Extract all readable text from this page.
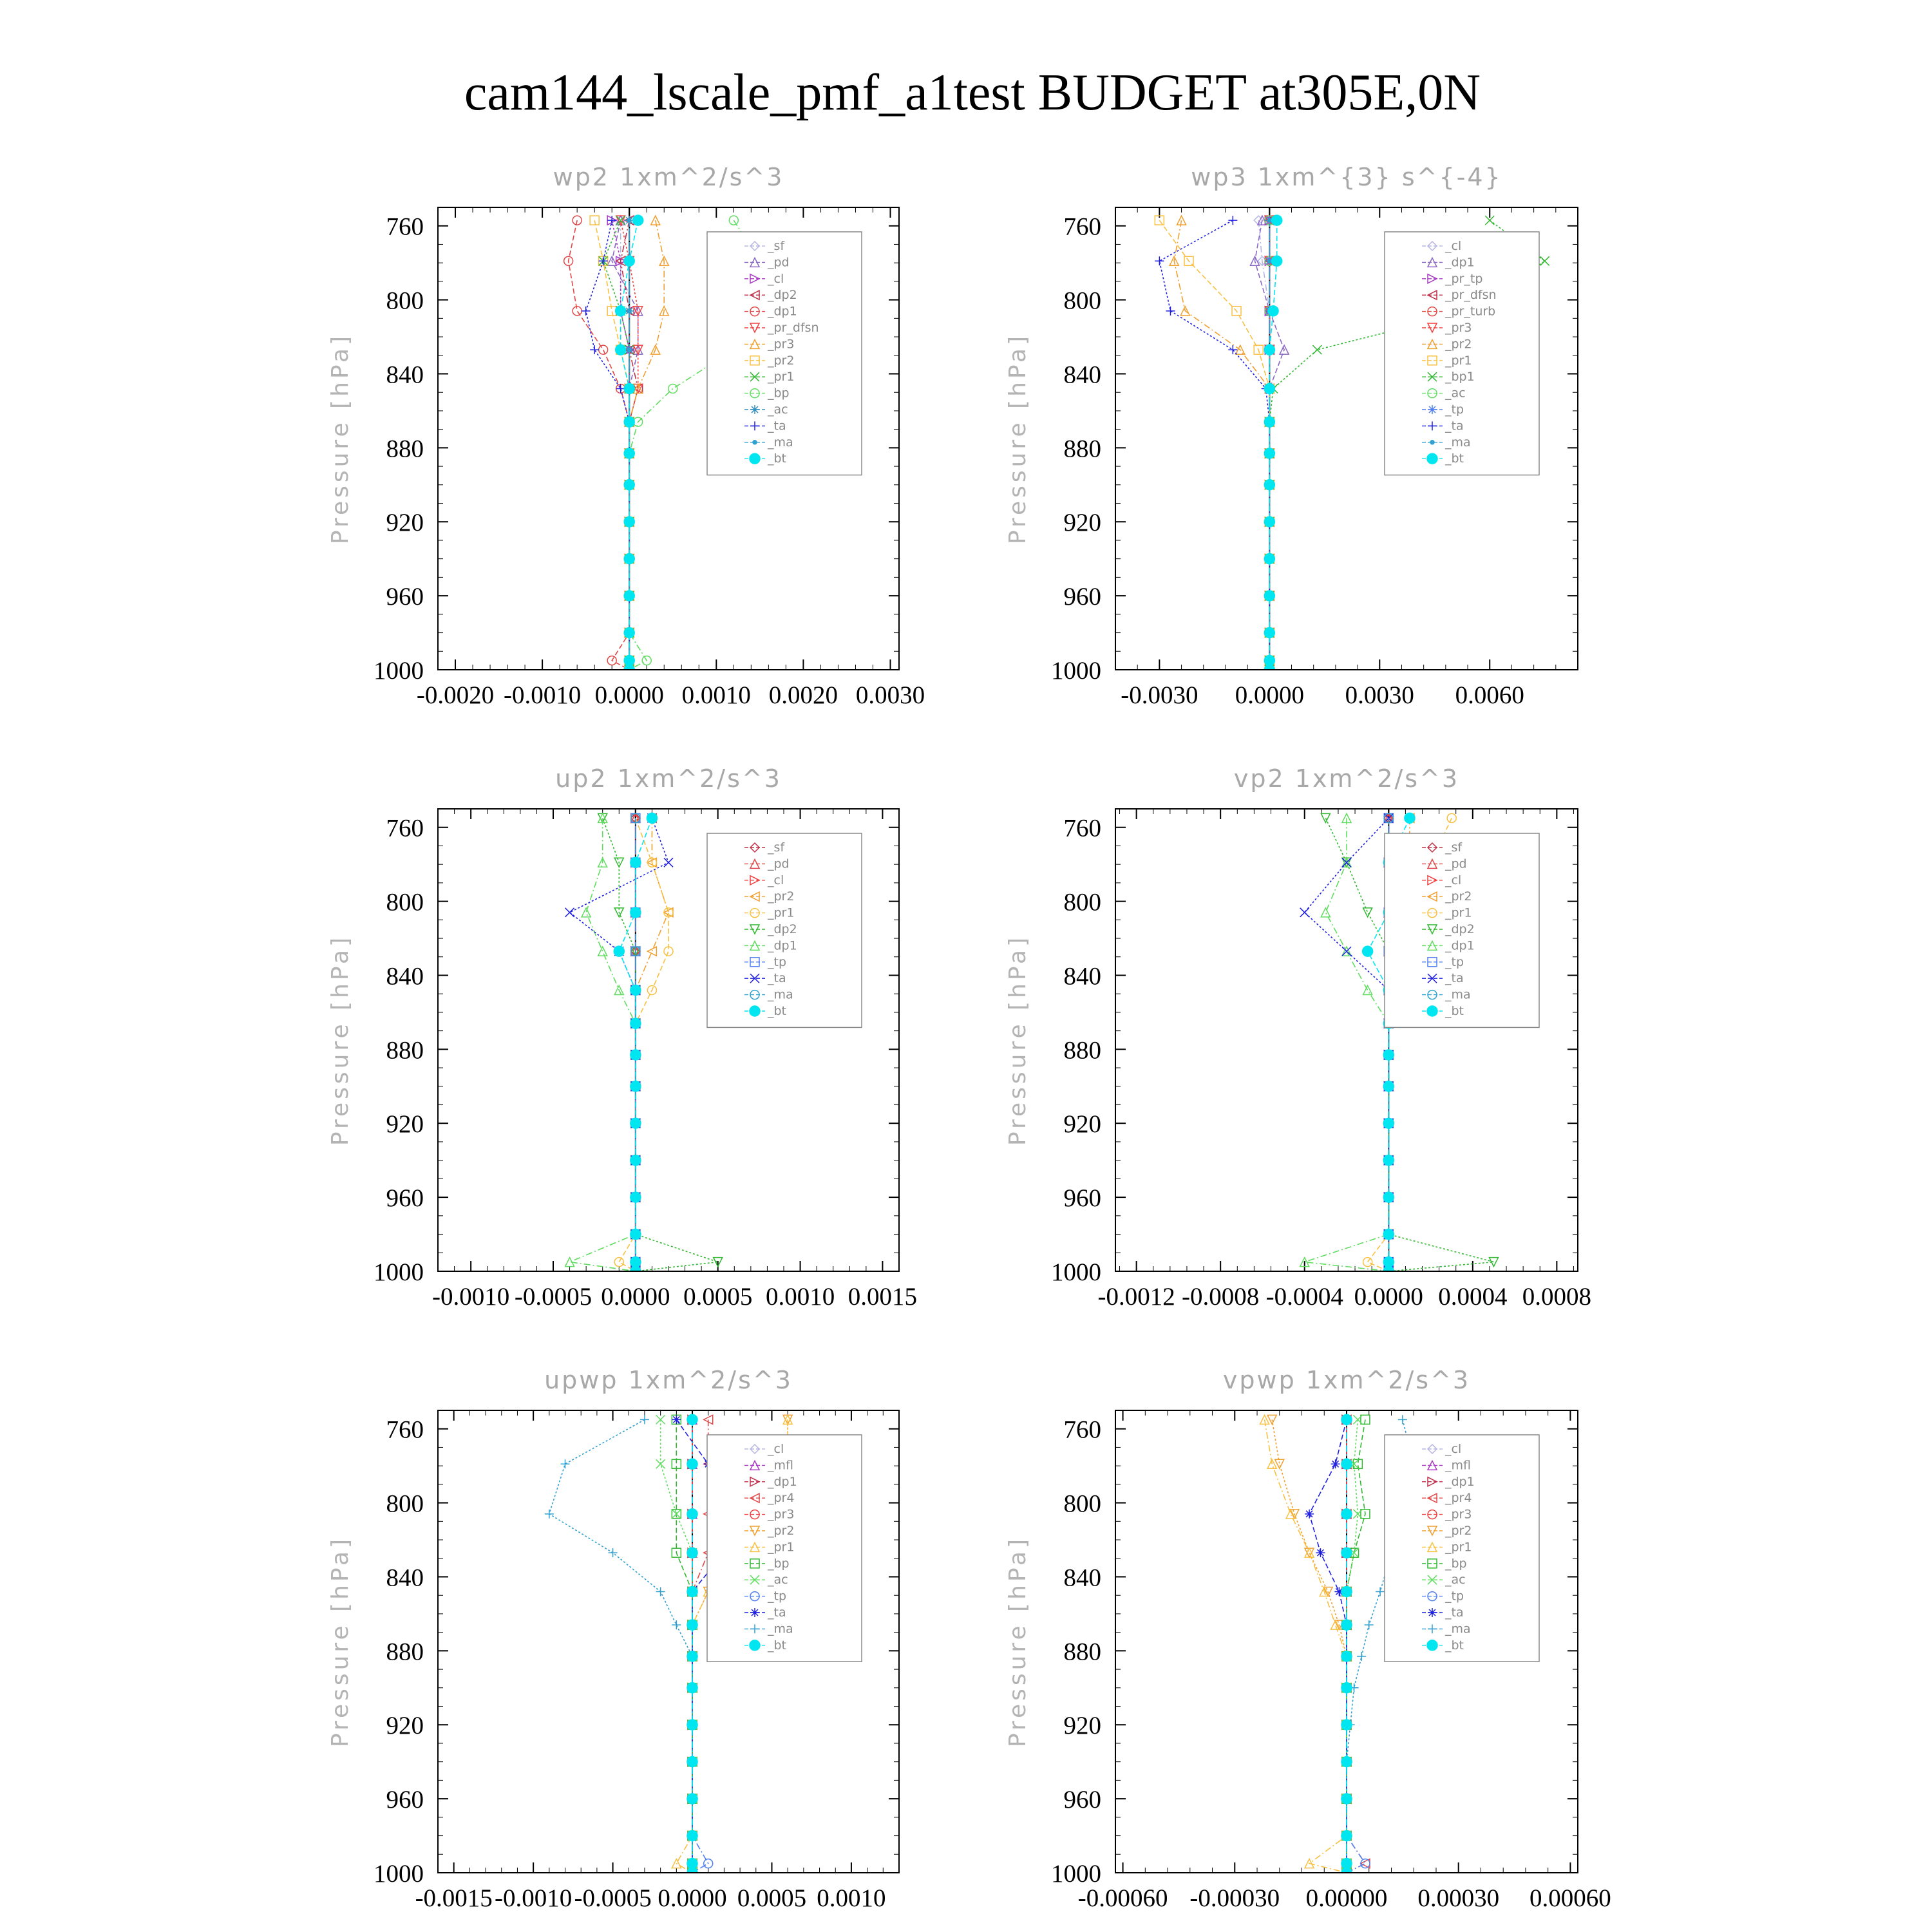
cam144_lscale_pmf_a1test BUDGET at305E,0N
wp2 1xm^2/s^3
Pressure [hPa]
760
800
840
880
920
960
1000
-0.0020 -0.0010 0.0000 0.0010 0.0020 0.0030
_sf
_pd
_cl
_dp2
_dp1
_pr_dfsn
_pr3
_pr2
_pr1
_bp
_ac
_ta
_ma
_bt
wp3 1xm^{3} s^{-4}
Pressure [hPa]
760
800
840
880
920
960
1000
-0.0030 0.0000 0.0030 0.0060
_cl
_dp1
_pr_tp
_pr_dfsn
_pr_turb
_pr3
_pr2
_pr1
_bp1
_ac
_tp
_ta
_ma
_bt
up2 1xm^2/s^3
Pressure [hPa]
760
800
840
880
920
960
1000
-0.0010 -0.0005 0.0000 0.0005 0.0010 0.0015
_sf
_pd
_cl
_pr2
_pr1
_dp2
_dp1
_tp
_ta
_ma
_bt
vp2 1xm^2/s^3
Pressure [hPa]
760
800
840
880
920
960
1000
-0.0012 -0.0008 -0.0004 0.0000 0.0004 0.0008
_sf
_pd
_cl
_pr2
_pr1
_dp2
_dp1
_tp
_ta
_ma
_bt
upwp 1xm^2/s^3
Pressure [hPa]
760
800
840
880
920
960
1000
-0.0015 -0.0010 -0.0005 0.0000 0.0005 0.0010
_cl
_mfl
_dp1
_pr4
_pr3
_pr2
_pr1
_bp
_ac
_tp
_ta
_ma
_bt
vpwp 1xm^2/s^3
Pressure [hPa]
760
800
840
880
920
960
1000
-0.00060 -0.00030 0.00000 0.00030 0.00060
_cl
_mfl
_dp1
_pr4
_pr3
_pr2
_pr1
_bp
_ac
_tp
_ta
_ma
_bt
